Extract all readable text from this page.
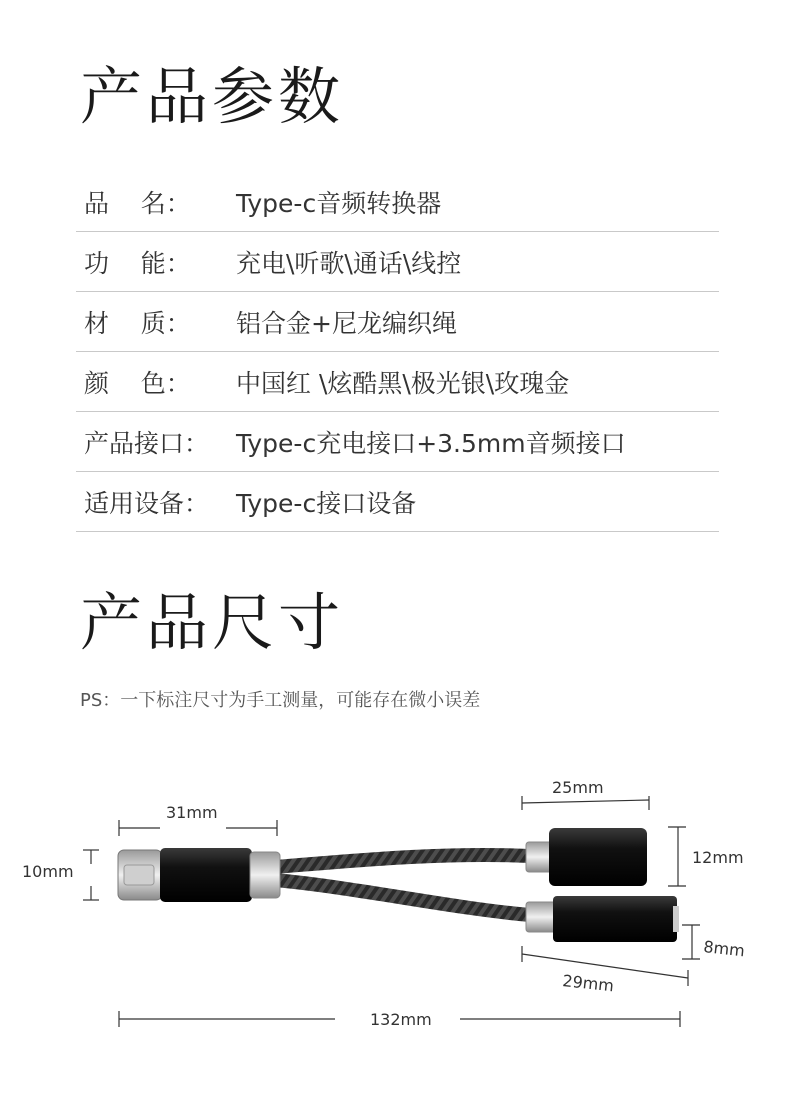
产品参数
品    名：	Type-c音频转换器
功    能：	充电\听歌\通话\线控
材    质：	铝合金+尼龙编织绳
颜    色：	中国红 \炫酷黑\极光银\玫瑰金
产品接口：	Type-c充电接口+3.5mm音频接口
适用设备：	Type-c接口设备
产品尺寸
PS：一下标注尺寸为手工测量，可能存在微小误差
31mm
10mm
25mm
12mm
8mm
29mm
132mm
